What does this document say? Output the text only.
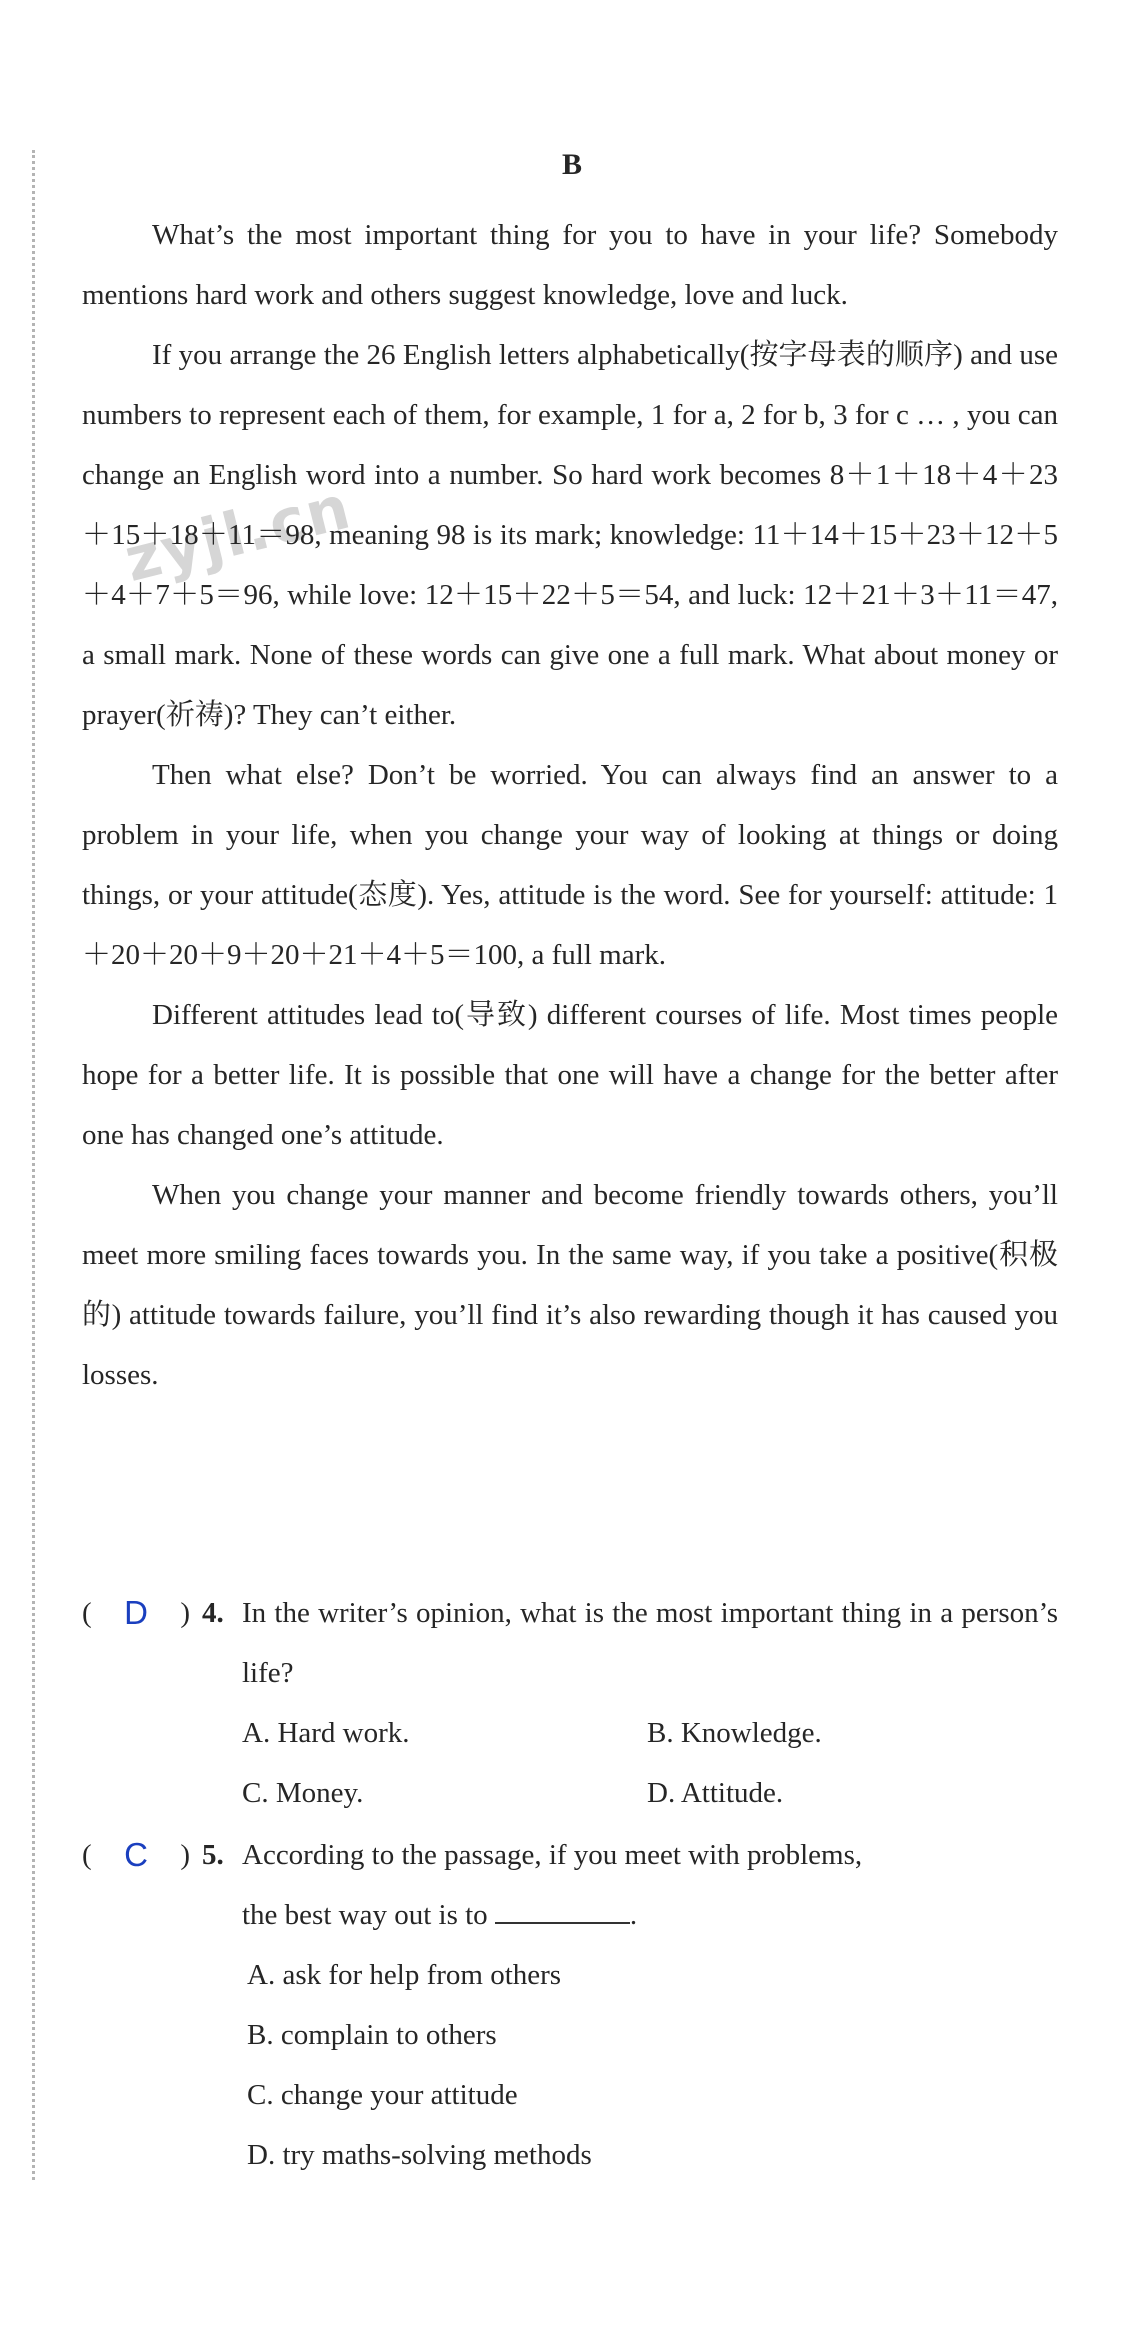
zyjl.cn
B

What’s the most important thing for you to have in your life? Somebody mentions hard work and others suggest knowledge, love and luck.

If you arrange the 26 English letters alphabetically(按字母表的顺序) and use numbers to represent each of them, for example, 1 for a, 2 for b, 3 for c … , you can change an English word into a number. So hard work becomes 8＋1＋18＋4＋23＋15＋18＋11＝98, meaning 98 is its mark; knowledge: 11＋14＋15＋23＋12＋5＋4＋7＋5＝96, while love: 12＋15＋22＋5＝54, and luck: 12＋21＋3＋11＝47, a small mark. None of these words can give one a full mark. What about money or prayer(祈祷)? They can’t either.

Then what else? Don’t be worried. You can always find an answer to a problem in your life, when you change your way of looking at things or doing things, or your attitude(态度). Yes, attitude is the word. See for yourself: attitude: 1＋20＋20＋9＋20＋21＋4＋5＝100, a full mark.

Different attitudes lead to(导致) different courses of life. Most times people hope for a better life. It is possible that one will have a change for the better after one has changed one’s attitude.

When you change your manner and become friendly towards others, you’ll meet more smiling faces towards you. In the same way, if you take a positive(积极的) attitude towards failure, you’ll find it’s also rewarding though it has caused you losses.

( D ) 4. In the writer’s opinion, what is the most important thing in a person’s life?
A. Hard work.	B. Knowledge.
C. Money.	D. Attitude.
( C ) 5. According to the passage, if you meet with problems,
the best way out is to	.
A. ask for help from others
B. complain to others
C. change your attitude
D. try maths-solving methods
